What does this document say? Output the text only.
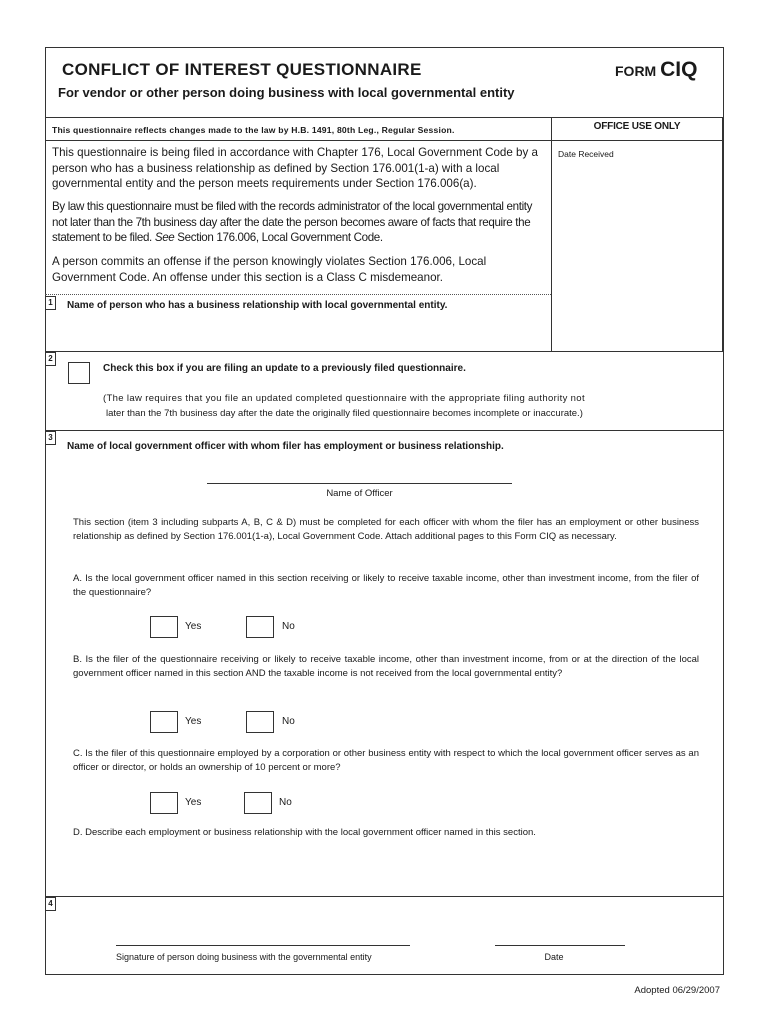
CONFLICT OF INTEREST QUESTIONNAIRE	FORM CIQ
For vendor or other person doing business with local governmental entity
This questionnaire reflects changes made to the law by H.B. 1491, 80th Leg., Regular Session.	OFFICE USE ONLY
Date Received
This questionnaire is being filed in accordance with Chapter 176, Local Government Code by a person who has a business relationship as defined by Section 176.001(1-a) with a local governmental entity and the person meets requirements under Section 176.006(a).
By law this questionnaire must be filed with the records administrator of the local governmental entity not later than the 7th business day after the date the person becomes aware of facts that require the statement to be filed. See Section 176.006, Local Government Code.
A person commits an offense if the person knowingly violates Section 176.006, Local Government Code. An offense under this section is a Class C misdemeanor.
1	Name of person who has a business relationship with local governmental entity.
2
Check this box if you are filing an update to a previously filed questionnaire.
(The law requires that you file an updated completed questionnaire with the appropriate filing authority not
later than the 7th business day after the date the originally filed questionnaire becomes incomplete or inaccurate.)
3
Name of local government officer with whom filer has employment or business relationship.
Name of Officer
This section (item 3 including subparts A, B, C & D) must be completed for each officer with whom the filer has an employment or other business relationship as defined by Section 176.001(1-a), Local Government Code. Attach additional pages to this Form CIQ as necessary.
A. Is the local government officer named in this section receiving or likely to receive taxable income, other than investment income, from the filer of the questionnaire?
Yes	No
B. Is the filer of the questionnaire receiving or likely to receive taxable income, other than investment income, from or at the direction of the local government officer named in this section AND the taxable income is not received from the local governmental entity?
Yes	No
C. Is the filer of this questionnaire employed by a corporation or other business entity with respect to which the local government officer serves as an officer or director, or holds an ownership of 10 percent or more?
Yes	No
D. Describe each employment or business relationship with the local government officer named in this section.
4
Signature of person doing business with the governmental entity	Date
Adopted 06/29/2007
